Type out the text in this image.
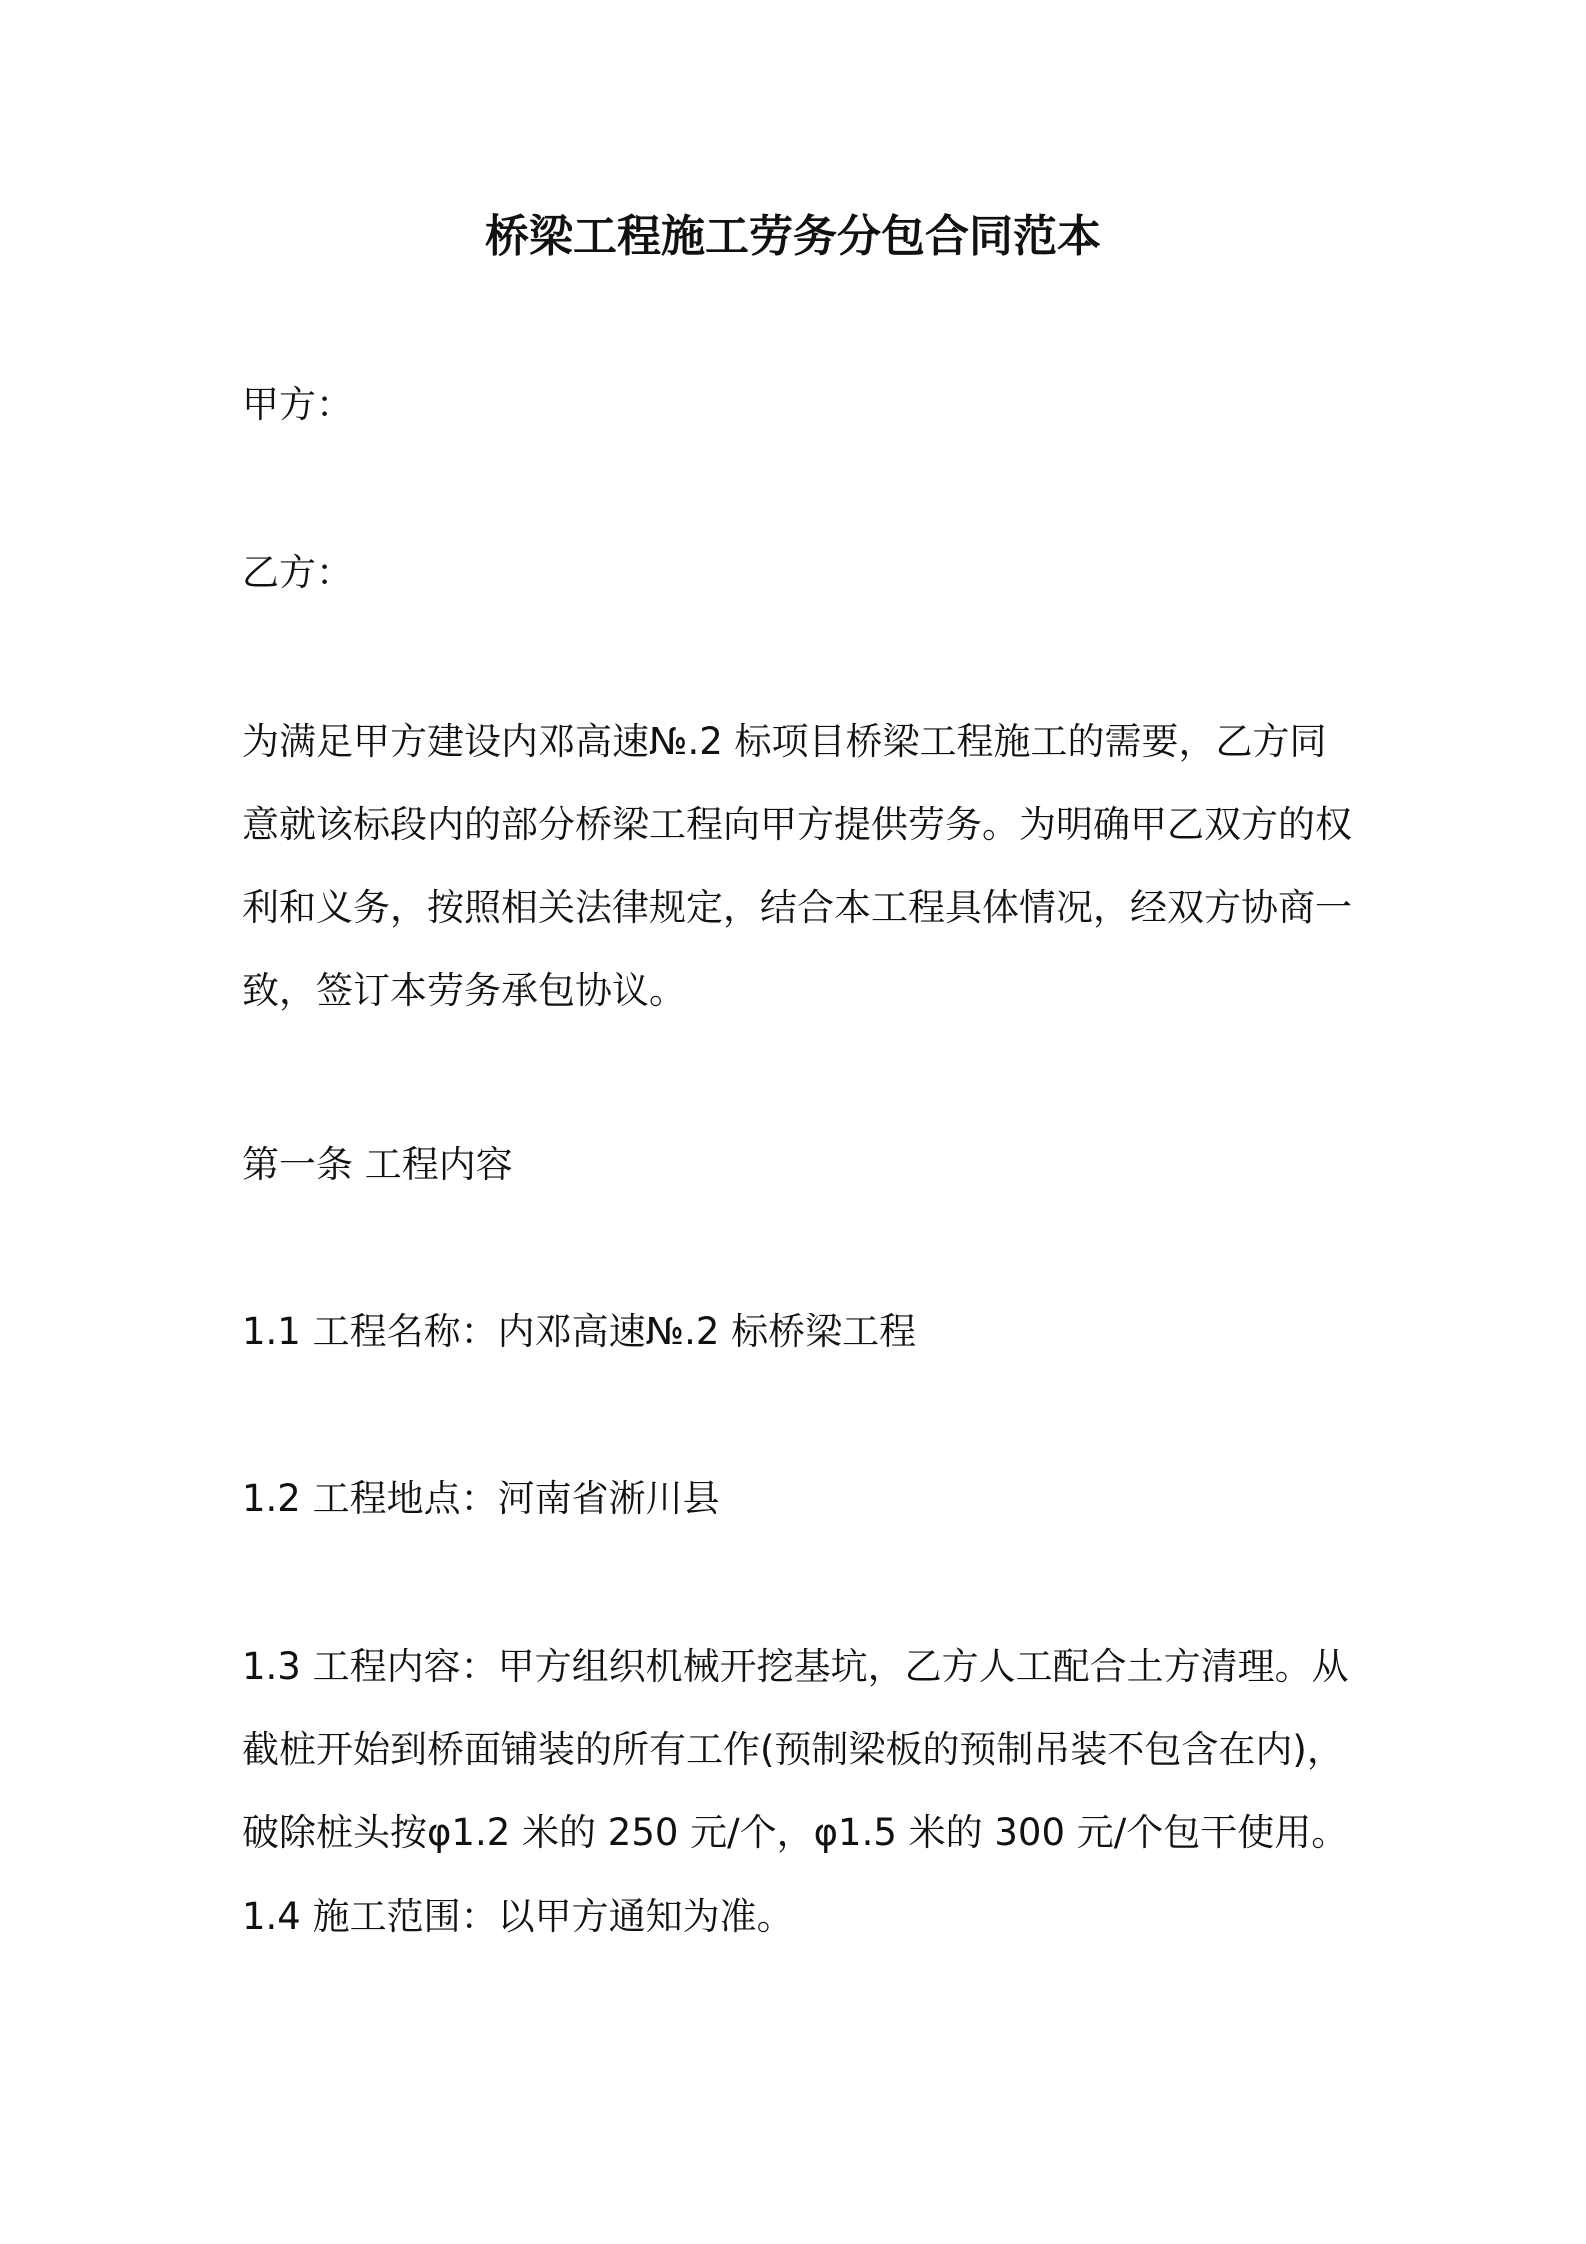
桥梁工程施工劳务分包合同范本

甲方：

乙方：

为满足甲方建设内邓高速№.2 标项目桥梁工程施工的需要，乙方同
意就该标段内的部分桥梁工程向甲方提供劳务。为明确甲乙双方的权
利和义务，按照相关法律规定，结合本工程具体情况，经双方协商一
致，签订本劳务承包协议。

第一条 工程内容

1.1 工程名称：内邓高速№.2 标桥梁工程

1.2 工程地点：河南省淅川县

1.3 工程内容：甲方组织机械开挖基坑，乙方人工配合土方清理。从
截桩开始到桥面铺装的所有工作(预制梁板的预制吊装不包含在内)，
破除桩头按φ1.2 米的 250 元/个，φ1.5 米的 300 元/个包干使用。

1.4 施工范围：以甲方通知为准。
